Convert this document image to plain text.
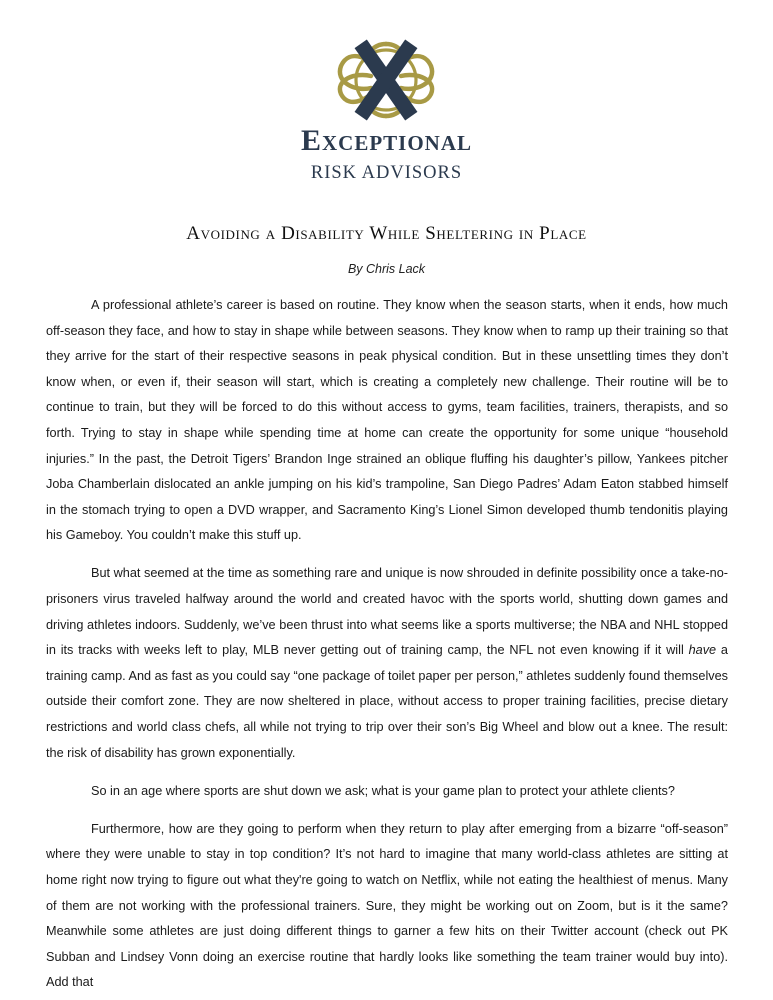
Exceptional
RISK ADVISORS
Avoiding a Disability While Sheltering in Place
By Chris Lack

A professional athlete’s career is based on routine. They know when the season starts, when it ends, how much off-season they face, and how to stay in shape while between seasons. They know when to ramp up their training so that they arrive for the start of their respective seasons in peak physical condition. But in these unsettling times they don’t know when, or even if, their season will start, which is creating a completely new challenge. Their routine will be to continue to train, but they will be forced to do this without access to gyms, team facilities, trainers, therapists, and so forth. Trying to stay in shape while spending time at home can create the opportunity for some unique “household injuries.” In the past, the Detroit Tigers’ Brandon Inge strained an oblique fluffing his daughter’s pillow, Yankees pitcher Joba Chamberlain dislocated an ankle jumping on his kid’s trampoline, San Diego Padres’ Adam Eaton stabbed himself in the stomach trying to open a DVD wrapper, and Sacramento King’s Lionel Simon developed thumb tendonitis playing his Gameboy. You couldn’t make this stuff up.

But what seemed at the time as something rare and unique is now shrouded in definite possibility once a take-no-prisoners virus traveled halfway around the world and created havoc with the sports world, shutting down games and driving athletes indoors. Suddenly, we’ve been thrust into what seems like a sports multiverse; the NBA and NHL stopped in its tracks with weeks left to play, MLB never getting out of training camp, the NFL not even knowing if it will have a training camp. And as fast as you could say “one package of toilet paper per person,” athletes suddenly found themselves outside their comfort zone. They are now sheltered in place, without access to proper training facilities, precise dietary restrictions and world class chefs, all while not trying to trip over their son’s Big Wheel and blow out a knee. The result: the risk of disability has grown exponentially.

So in an age where sports are shut down we ask; what is your game plan to protect your athlete clients?

Furthermore, how are they going to perform when they return to play after emerging from a bizarre “off-season” where they were unable to stay in top condition? It’s not hard to imagine that many world-class athletes are sitting at home right now trying to figure out what they're going to watch on Netflix, while not eating the healthiest of menus. Many of them are not working with the professional trainers. Sure, they might be working out on Zoom, but is it the same? Meanwhile some athletes are just doing different things to garner a few hits on their Twitter account (check out PK Subban and Lindsey Vonn doing an exercise routine that hardly looks like something the team trainer would buy into). Add that
